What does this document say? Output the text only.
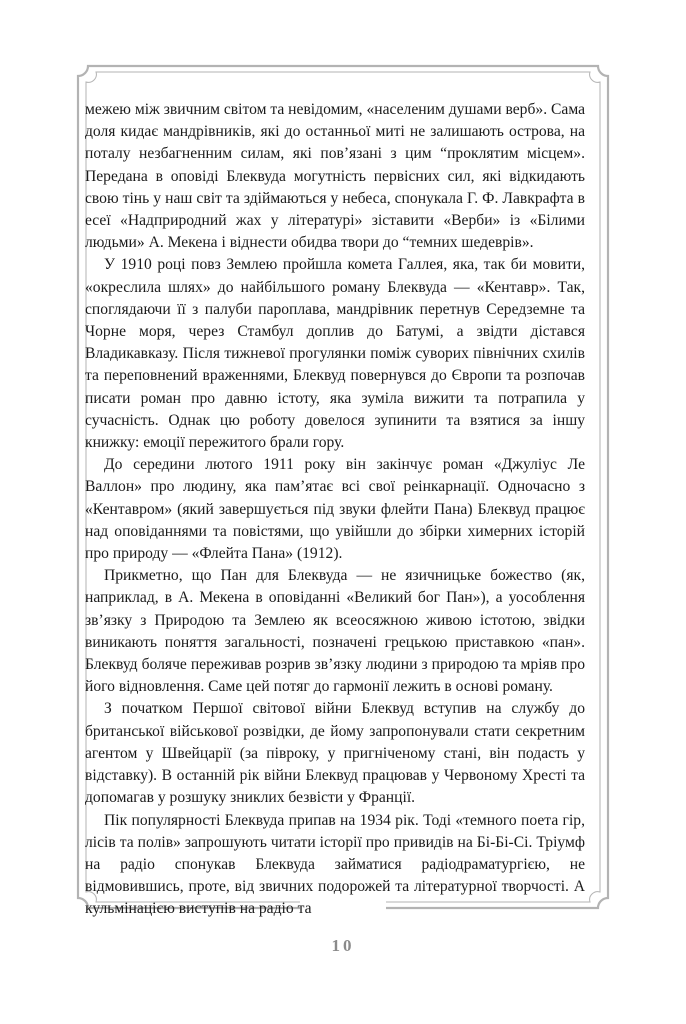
межею між звичним світом та невідомим, «населеним душами верб». Сама доля кидає мандрівників, які до останньої миті не залишають острова, на поталу незбагненним силам, які пов’язані з цим “проклятим місцем». Передана в оповіді Блеквуда могутність первісних сил, які відкидають свою тінь у наш світ та здіймаються у небеса, спонукала Г. Ф. Лавкрафта в есеї «Надприродний жах у літературі» зіставити «Верби» із «Білими людьми» А. Мекена і віднести обидва твори до “темних шедеврів».

У 1910 році повз Землею пройшла комета Галлея, яка, так би мовити, «окреслила шлях» до найбільшого роману Блеквуда — «Кентавр». Так, споглядаючи її з палуби пароплава, мандрівник перетнув Середземне та Чорне моря, через Стамбул доплив до Батумі, а звідти дістався Владикавказу. Після тижневої прогулянки поміж суворих північних схилів та переповнений враженнями, Блеквуд повернувся до Європи та розпочав писати роман про давню істоту, яка зуміла вижити та потрапила у сучасність. Однак цю роботу довелося зупинити та взятися за іншу книжку: емоції пережитого брали гору.

До середини лютого 1911 року він закінчує роман «Джуліус Ле Валлон» про людину, яка пам’ятає всі свої реінкарнації. Одночасно з «Кентавром» (який завершується під звуки флейти Пана) Блеквуд працює над оповіданнями та повістями, що увійшли до збірки химерних історій про природу — «Флейта Пана» (1912).

Прикметно, що Пан для Блеквуда — не язичницьке божество (як, наприклад, в А. Мекена в оповіданні «Великий бог Пан»), а уособлення зв’язку з Природою та Землею як всеосяжною живою істотою, звідки виникають поняття загальності, позначені грецькою приставкою «пан». Блеквуд боляче переживав розрив зв’язку людини з природою та мріяв про його відновлення. Саме цей потяг до гармонії лежить в основі роману.

З початком Першої світової війни Блеквуд вступив на службу до британської військової розвідки, де йому запропонували стати секретним агентом у Швейцарії (за півроку, у пригніченому стані, він подасть у відставку). В останній рік війни Блеквуд працював у Червоному Хресті та допомагав у розшуку зниклих безвісти у Франції.

Пік популярності Блеквуда припав на 1934 рік. Тоді «темного поета гір, лісів та полів» запрошують читати історії про привидів на Бі-Бі-Сі. Тріумф на радіо спонукав Блеквуда займатися радіодраматургією, не відмовившись, проте, від звичних подорожей та літературної творчості. А кульмінацією виступів на радіо та

10
